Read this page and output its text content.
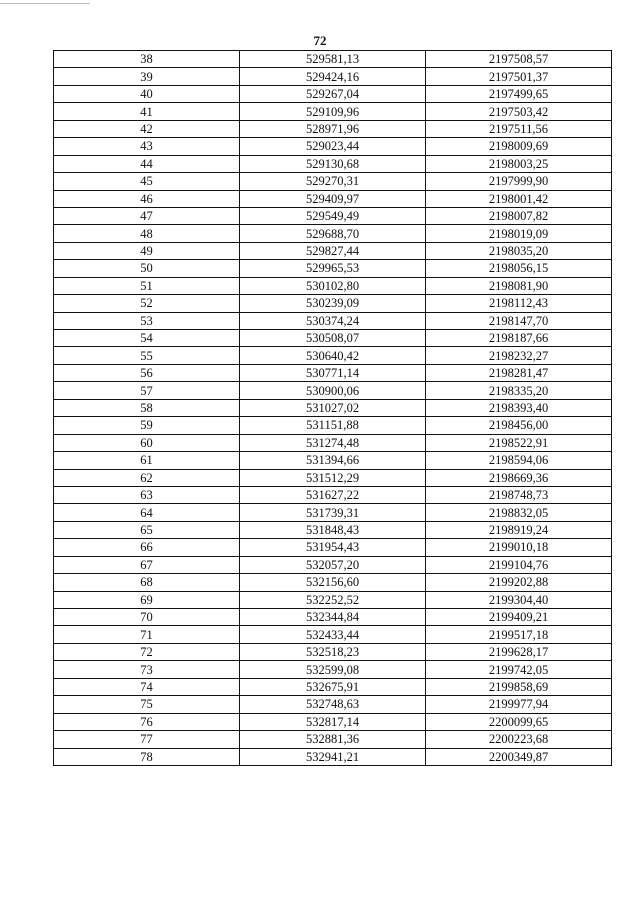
72
38	529581,13	2197508,57
39	529424,16	2197501,37
40	529267,04	2197499,65
41	529109,96	2197503,42
42	528971,96	2197511,56
43	529023,44	2198009,69
44	529130,68	2198003,25
45	529270,31	2197999,90
46	529409,97	2198001,42
47	529549,49	2198007,82
48	529688,70	2198019,09
49	529827,44	2198035,20
50	529965,53	2198056,15
51	530102,80	2198081,90
52	530239,09	2198112,43
53	530374,24	2198147,70
54	530508,07	2198187,66
55	530640,42	2198232,27
56	530771,14	2198281,47
57	530900,06	2198335,20
58	531027,02	2198393,40
59	531151,88	2198456,00
60	531274,48	2198522,91
61	531394,66	2198594,06
62	531512,29	2198669,36
63	531627,22	2198748,73
64	531739,31	2198832,05
65	531848,43	2198919,24
66	531954,43	2199010,18
67	532057,20	2199104,76
68	532156,60	2199202,88
69	532252,52	2199304,40
70	532344,84	2199409,21
71	532433,44	2199517,18
72	532518,23	2199628,17
73	532599,08	2199742,05
74	532675,91	2199858,69
75	532748,63	2199977,94
76	532817,14	2200099,65
77	532881,36	2200223,68
78	532941,21	2200349,87
